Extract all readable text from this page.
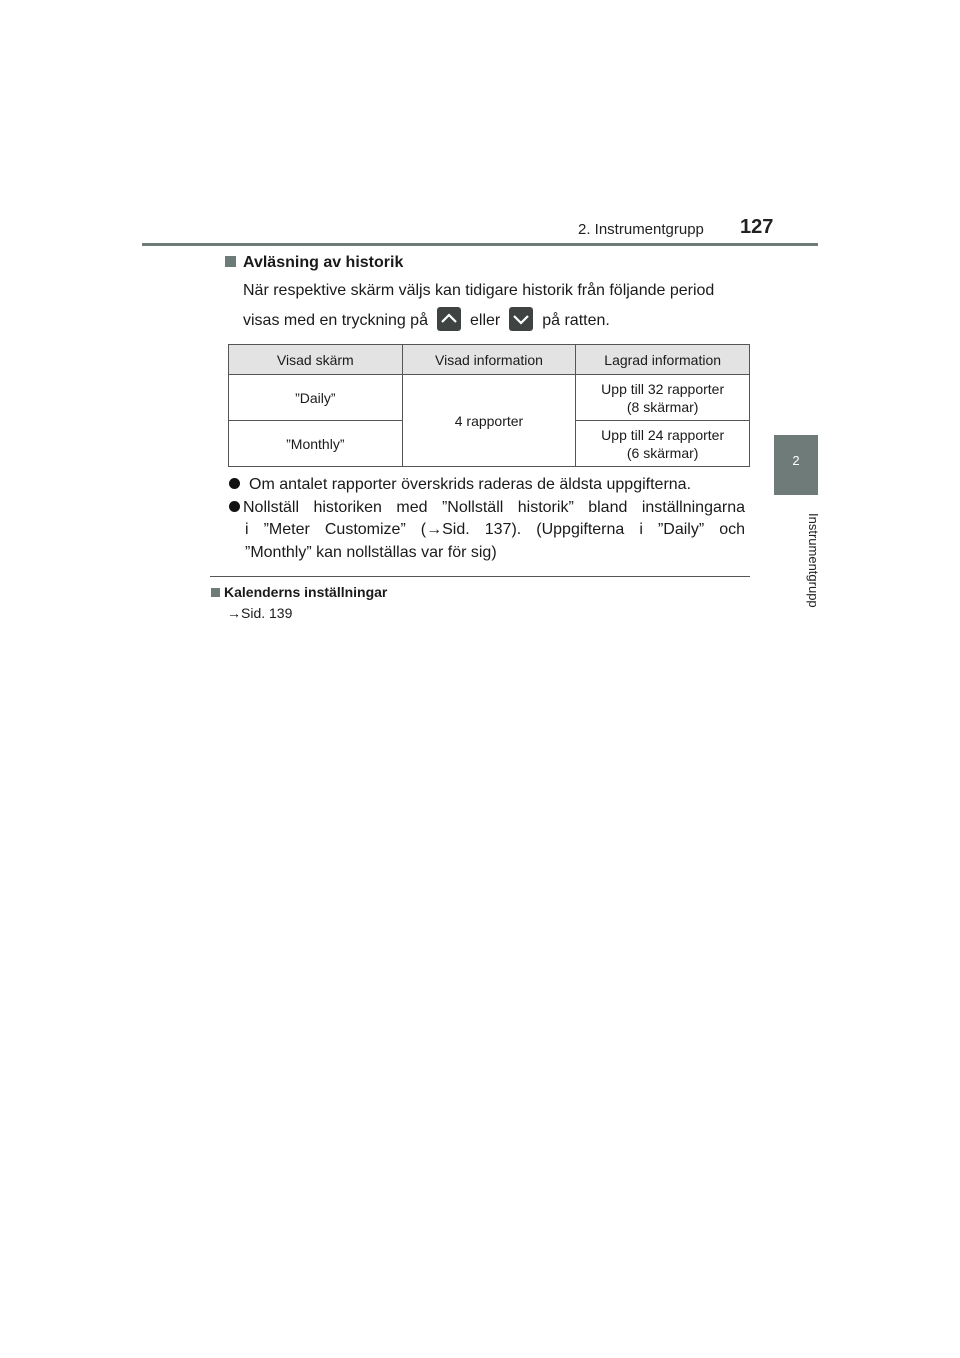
2. Instrumentgrupp 127
2
Instrumentgrupp
Avläsning av historik
När respektive skärm väljs kan tidigare historik från följande period
visas med en tryckning på	eller	på ratten.
Visad skärm	Visad information	Lagrad information
”Daily”	4 rapporter	Upp till 32 rapporter
(8 skärmar)

”Monthly”		Upp till 24 rapporter
(6 skärmar)
Om antalet rapporter överskrids raderas de äldsta uppgifterna.
Nollställ historiken med ”Nollställ historik” bland inställningarna
i ”Meter Customize” (→Sid. 137). (Uppgifterna i ”Daily” och
”Monthly” kan nollställas var för sig)
Kalenderns inställningar
→Sid. 139
